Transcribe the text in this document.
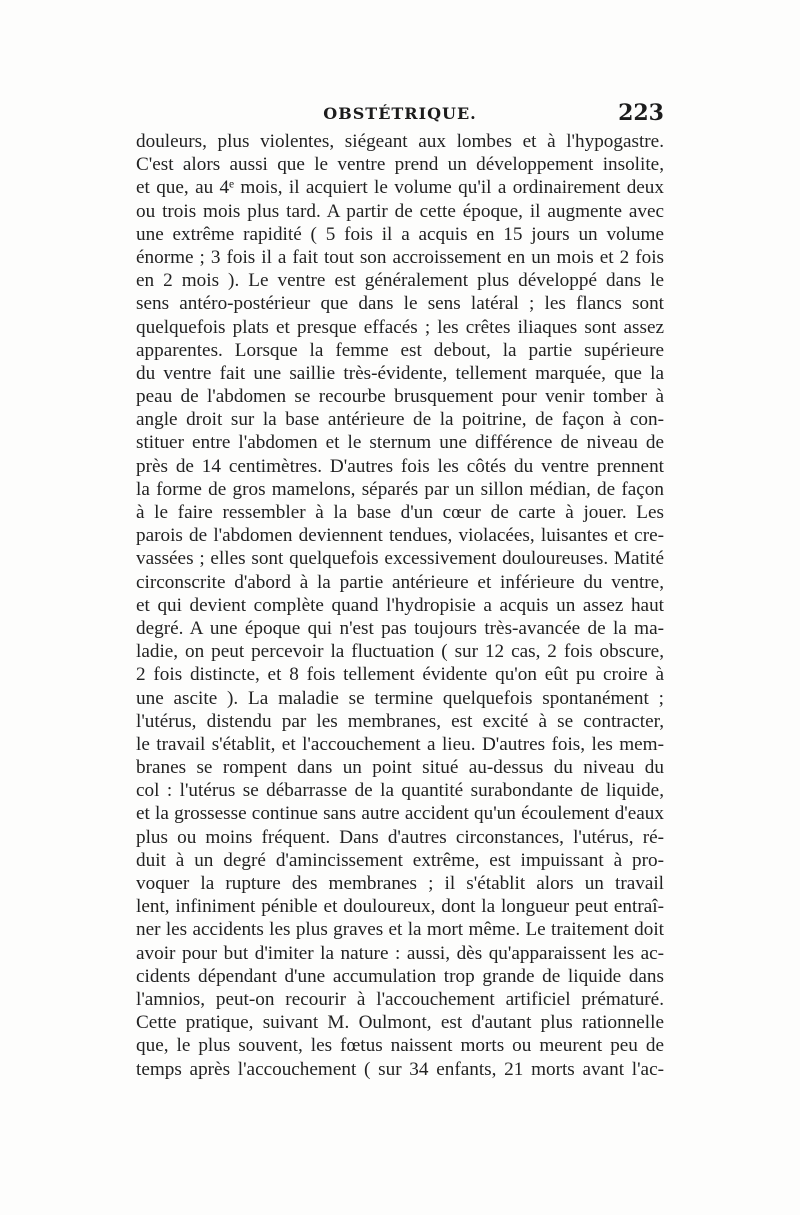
OBSTÉTRIQUE.	223
douleurs, plus violentes, siégeant aux lombes et à l'hypogastre.
C'est alors aussi que le ventre prend un développement insolite,
et que, au 4ᵉ mois, il acquiert le volume qu'il a ordinairement deux
ou trois mois plus tard. A partir de cette époque, il augmente avec
une extrême rapidité ( 5 fois il a acquis en 15 jours un volume
énorme ; 3 fois il a fait tout son accroissement en un mois et 2 fois
en 2 mois ). Le ventre est généralement plus développé dans le
sens antéro-postérieur que dans le sens latéral ; les flancs sont
quelquefois plats et presque effacés ; les crêtes iliaques sont assez
apparentes. Lorsque la femme est debout, la partie supérieure
du ventre fait une saillie très-évidente, tellement marquée, que la
peau de l'abdomen se recourbe brusquement pour venir tomber à
angle droit sur la base antérieure de la poitrine, de façon à con-
stituer entre l'abdomen et le sternum une différence de niveau de
près de 14 centimètres. D'autres fois les côtés du ventre prennent
la forme de gros mamelons, séparés par un sillon médian, de façon
à le faire ressembler à la base d'un cœur de carte à jouer. Les
parois de l'abdomen deviennent tendues, violacées, luisantes et cre-
vassées ; elles sont quelquefois excessivement douloureuses. Matité
circonscrite d'abord à la partie antérieure et inférieure du ventre,
et qui devient complète quand l'hydropisie a acquis un assez haut
degré. A une époque qui n'est pas toujours très-avancée de la ma-
ladie, on peut percevoir la fluctuation ( sur 12 cas, 2 fois obscure,
2 fois distincte, et 8 fois tellement évidente qu'on eût pu croire à
une ascite ). La maladie se termine quelquefois spontanément ;
l'utérus, distendu par les membranes, est excité à se contracter,
le travail s'établit, et l'accouchement a lieu. D'autres fois, les mem-
branes se rompent dans un point situé au-dessus du niveau du
col : l'utérus se débarrasse de la quantité surabondante de liquide,
et la grossesse continue sans autre accident qu'un écoulement d'eaux
plus ou moins fréquent. Dans d'autres circonstances, l'utérus, ré-
duit à un degré d'amincissement extrême, est impuissant à pro-
voquer la rupture des membranes ; il s'établit alors un travail
lent, infiniment pénible et douloureux, dont la longueur peut entraî-
ner les accidents les plus graves et la mort même. Le traitement doit
avoir pour but d'imiter la nature : aussi, dès qu'apparaissent les ac-
cidents dépendant d'une accumulation trop grande de liquide dans
l'amnios, peut-on recourir à l'accouchement artificiel prématuré.
Cette pratique, suivant M. Oulmont, est d'autant plus rationnelle
que, le plus souvent, les fœtus naissent morts ou meurent peu de
temps après l'accouchement ( sur 34 enfants, 21 morts avant l'ac-
